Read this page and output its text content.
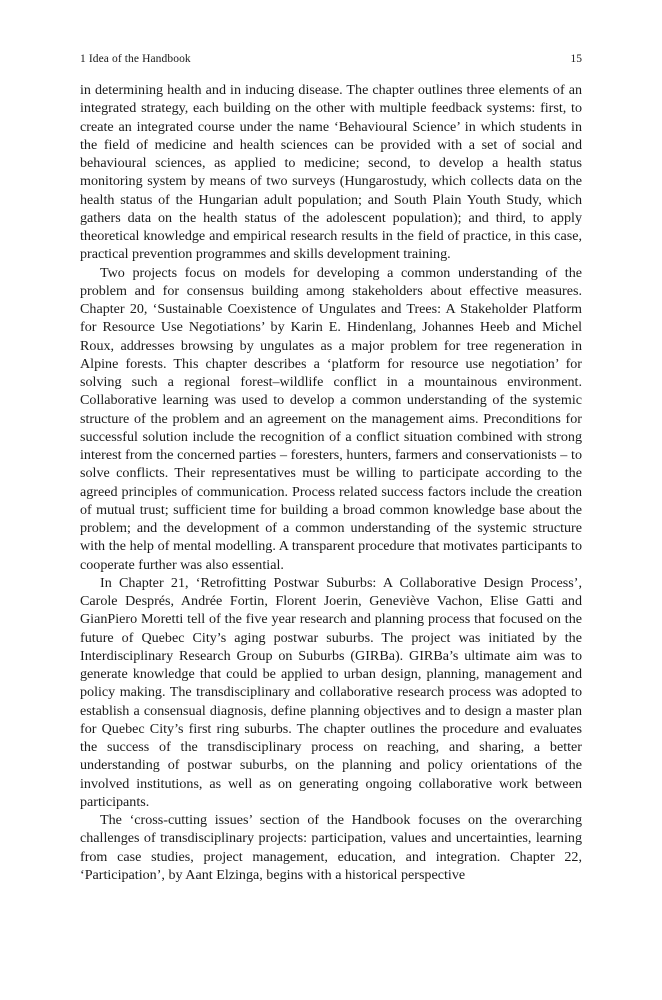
1 Idea of the Handbook	15

in determining health and in inducing disease. The chapter outlines three elements of an integrated strategy, each building on the other with multiple feedback systems: first, to create an integrated course under the name ‘Behavioural Science’ in which students in the field of medicine and health sciences can be provided with a set of social and behavioural sciences, as applied to medicine; second, to develop a health status monitoring system by means of two surveys (Hungarostudy, which collects data on the health status of the Hungarian adult population; and South Plain Youth Study, which gathers data on the health status of the adolescent population); and third, to apply theoretical knowledge and empirical research results in the field of practice, in this case, practical prevention programmes and skills development training.

Two projects focus on models for developing a common understanding of the problem and for consensus building among stakeholders about effective measures. Chapter 20, ‘Sustainable Coexistence of Ungulates and Trees: A Stakeholder Platform for Resource Use Negotiations’ by Karin E. Hindenlang, Johannes Heeb and Michel Roux, addresses browsing by ungulates as a major problem for tree regeneration in Alpine forests. This chapter describes a ‘platform for resource use negotiation’ for solving such a regional forest–wildlife conflict in a mountainous environment. Collaborative learning was used to develop a common understanding of the systemic structure of the problem and an agreement on the management aims. Preconditions for successful solution include the recognition of a conflict situation combined with strong interest from the concerned parties – foresters, hunters, farmers and conservationists – to solve conflicts. Their representatives must be willing to participate according to the agreed principles of communication. Process related success factors include the creation of mutual trust; sufficient time for building a broad common knowledge base about the problem; and the development of a common understanding of the systemic structure with the help of mental modelling. A transparent procedure that motivates participants to cooperate further was also essential.

In Chapter 21, ‘Retrofitting Postwar Suburbs: A Collaborative Design Process’, Carole Després, Andrée Fortin, Florent Joerin, Geneviève Vachon, Elise Gatti and GianPiero Moretti tell of the five year research and planning process that focused on the future of Quebec City’s aging postwar suburbs. The project was initiated by the Interdisciplinary Research Group on Suburbs (GIRBa). GIRBa’s ultimate aim was to generate knowledge that could be applied to urban design, planning, management and policy making. The transdisciplinary and collaborative research process was adopted to establish a consensual diagnosis, define planning objectives and to design a master plan for Quebec City’s first ring suburbs. The chapter outlines the procedure and evaluates the success of the transdisciplinary process on reaching, and sharing, a better understanding of postwar suburbs, on the planning and policy orientations of the involved institutions, as well as on generating ongoing collaborative work between participants.

The ‘cross-cutting issues’ section of the Handbook focuses on the overarching challenges of transdisciplinary projects: participation, values and uncertainties, learning from case studies, project management, education, and integration. Chapter 22, ‘Participation’, by Aant Elzinga, begins with a historical perspective
